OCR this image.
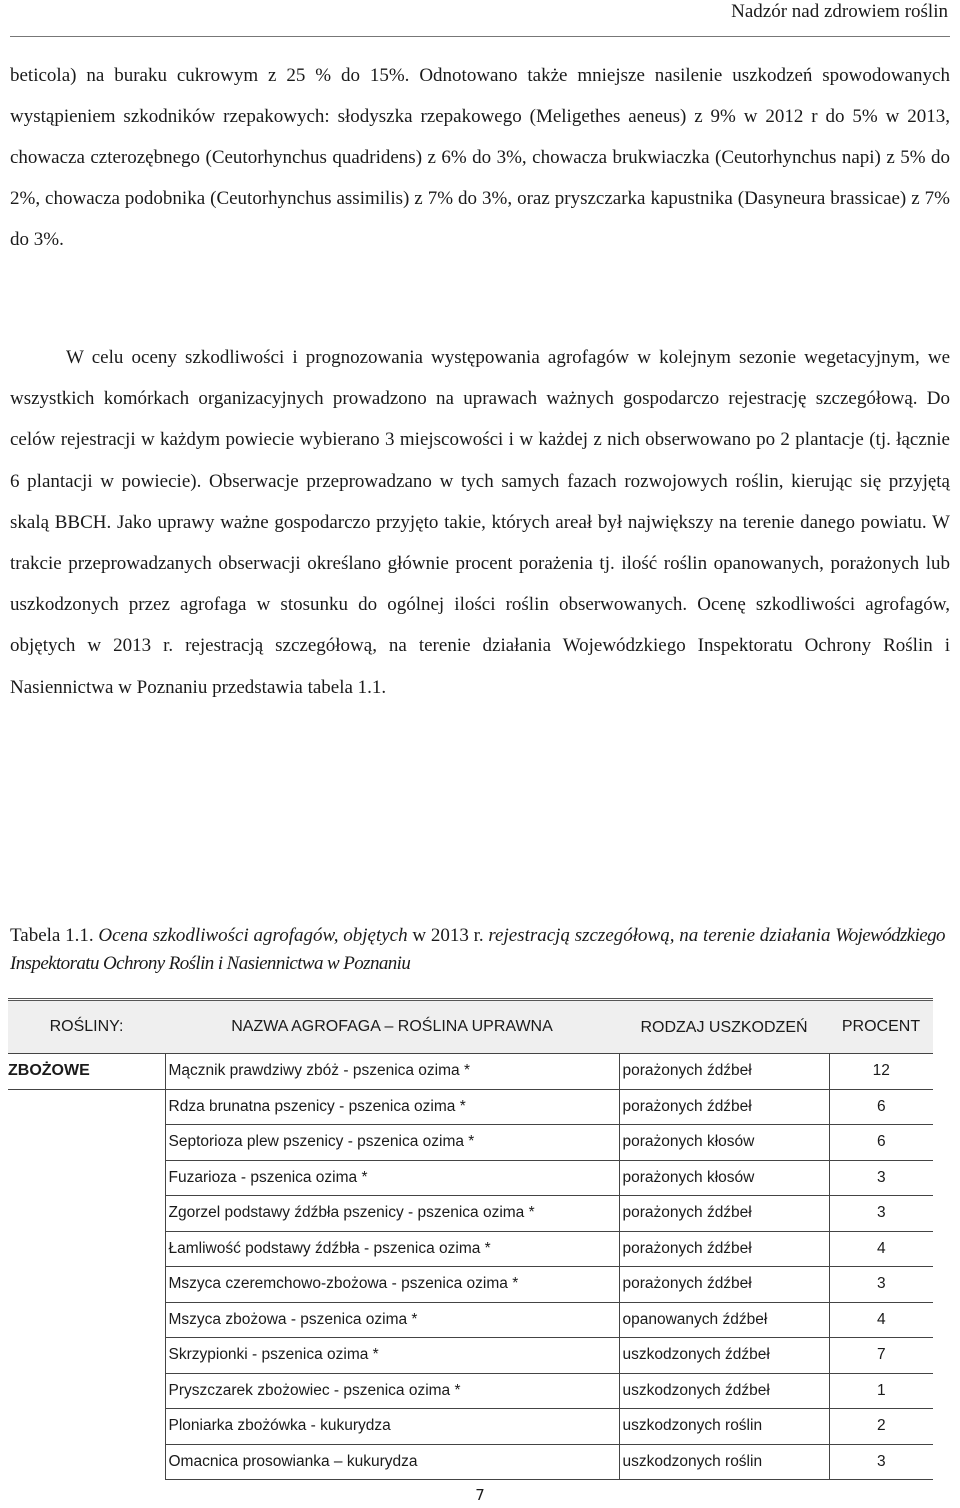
Nadzór nad zdrowiem roślin

beticola) na buraku cukrowym z 25 % do 15%. Odnotowano także mniejsze nasilenie uszkodzeń spowodowanych wystąpieniem szkodników rzepakowych: słodyszka rzepakowego (Meligethes aeneus) z 9% w 2012 r do 5% w 2013, chowacza czterozębnego (Ceutorhynchus quadridens) z 6% do 3%, chowacza brukwiaczka (Ceutorhynchus napi) z 5% do 2%, chowacza podobnika (Ceutorhynchus assimilis) z 7% do 3%, oraz pryszczarka kapustnika (Dasyneura brassicae) z 7% do 3%.

W celu oceny szkodliwości i prognozowania występowania agrofagów w kolejnym sezonie wegetacyjnym, we wszystkich komórkach organizacyjnych prowadzono na uprawach ważnych gospodarczo rejestrację szczegółową. Do celów rejestracji w każdym powiecie wybierano 3 miejscowości i w każdej z nich obserwowano po 2 plantacje (tj. łącznie 6 plantacji w powiecie). Obserwacje przeprowadzano w tych samych fazach rozwojowych roślin, kierując się przyjętą skalą BBCH. Jako uprawy ważne gospodarczo przyjęto takie, których areał był największy na terenie danego powiatu. W trakcie przeprowadzanych obserwacji określano głównie procent porażenia tj. ilość roślin opanowanych, porażonych lub uszkodzonych przez agrofaga w stosunku do ogólnej ilości roślin obserwowanych. Ocenę szkodliwości agrofagów, objętych w 2013 r. rejestracją szczegółową, na terenie działania Wojewódzkiego Inspektoratu Ochrony Roślin i Nasiennictwa w Poznaniu przedstawia tabela 1.1.

Tabela 1.1. Ocena szkodliwości agrofagów, objętych w 2013 r. rejestracją szczegółową, na terenie działania Wojewódzkiego Inspektoratu Ochrony Roślin i Nasiennictwa w Poznaniu

ROŚLINY:	NAZWA AGROFAGA – ROŚLINA UPRAWNA	RODZAJ USZKODZEŃ	PROCENT
ZBOŻOWE	Mącznik prawdziwy zbóż - pszenica ozima *	porażonych źdźbeł	12
	Rdza brunatna pszenicy - pszenica ozima *	porażonych źdźbeł	6
	Septorioza plew pszenicy - pszenica ozima *	porażonych kłosów	6
	Fuzarioza - pszenica ozima *	porażonych kłosów	3
	Zgorzel podstawy źdźbła pszenicy - pszenica ozima *	porażonych źdźbeł	3
	Łamliwość podstawy źdźbła - pszenica ozima *	porażonych źdźbeł	4
	Mszyca czeremchowo-zbożowa - pszenica ozima *	porażonych źdźbeł	3
	Mszyca zbożowa - pszenica ozima *	opanowanych źdźbeł	4
	Skrzypionki - pszenica ozima *	uszkodzonych źdźbeł	7
	Pryszczarek zbożowiec - pszenica ozima *	uszkodzonych źdźbeł	1
	Ploniarka zbożówka - kukurydza	uszkodzonych roślin	2
	Omacnica prosowianka – kukurydza	uszkodzonych roślin	3
7
